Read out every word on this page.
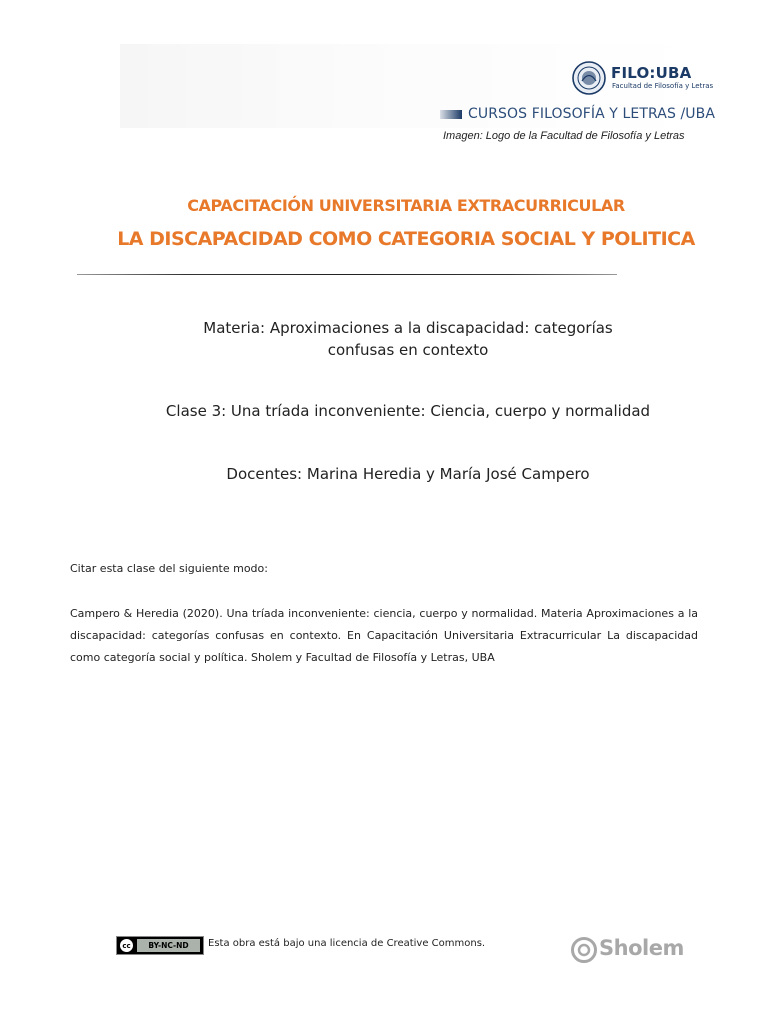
FILO:UBA
Facultad de Filosofía y Letras
CURSOS FILOSOFÍA Y LETRAS /UBA
Imagen: Logo de la Facultad de Filosofía y Letras
CAPACITACIÓN UNIVERSITARIA EXTRACURRICULAR
LA DISCAPACIDAD COMO CATEGORIA SOCIAL Y POLITICA
Materia: Aproximaciones a la discapacidad: categorías
confusas en contexto
Clase 3: Una tríada inconveniente: Ciencia, cuerpo y normalidad
Docentes: Marina Heredia y María José Campero
Citar esta clase del siguiente modo:
Campero & Heredia (2020). Una tríada inconveniente: ciencia, cuerpo y normalidad. Materia Aproximaciones a la discapacidad: categorías confusas en contexto. En Capacitación Universitaria Extracurricular La discapacidad como categoría social y política. Sholem y Facultad de Filosofía y Letras, UBA
cc	BY-NC-ND	Esta obra está bajo una licencia de Creative Commons.	Sholem
